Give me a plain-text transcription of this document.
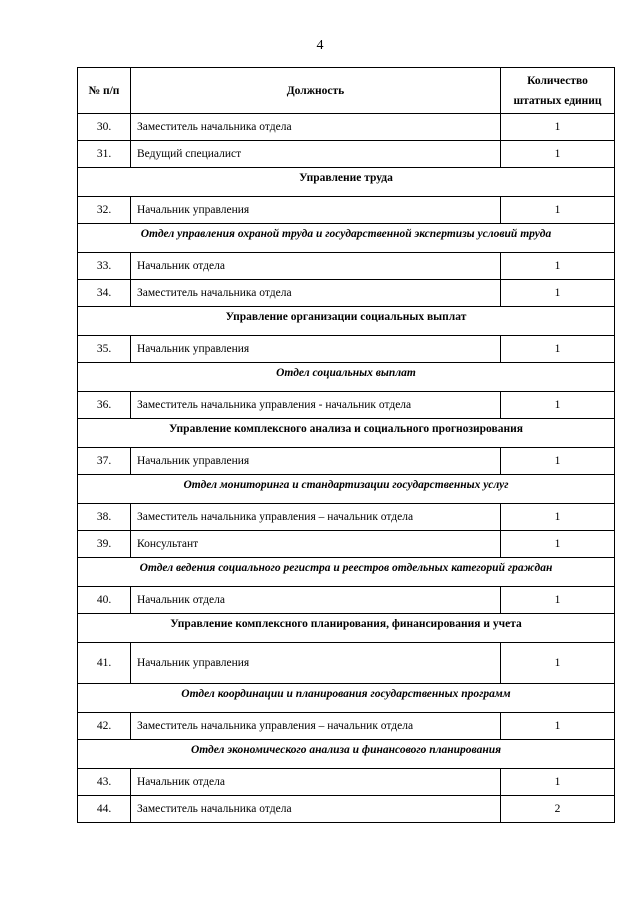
4
№ п/п	Должность	Количество штатных единиц
30.	Заместитель начальника отдела	1
31.	Ведущий специалист	1
Управление труда		
32.	Начальник управления	1
Отдел управления охраной труда и государственной экспертизы условий труда		
33.	Начальник отдела	1
34.	Заместитель начальника отдела	1
Управление организации социальных выплат		
35.	Начальник управления	1
Отдел социальных выплат		
36.	Заместитель начальника управления - начальник отдела	1
Управление комплексного анализа и социального прогнозирования		
37.	Начальник управления	1
Отдел мониторинга и стандартизации государственных услуг		
38.	Заместитель начальника управления – начальник отдела	1
39.	Консультант	1
Отдел ведения социального регистра и реестров отдельных категорий граждан		
40.	Начальник отдела	1
Управление комплексного планирования, финансирования и учета		
41.	Начальник управления	1
Отдел координации и планирования государственных программ		
42.	Заместитель начальника управления – начальник отдела	1
Отдел экономического анализа и финансового планирования		
43.	Начальник отдела	1
44.	Заместитель начальника отдела	2
